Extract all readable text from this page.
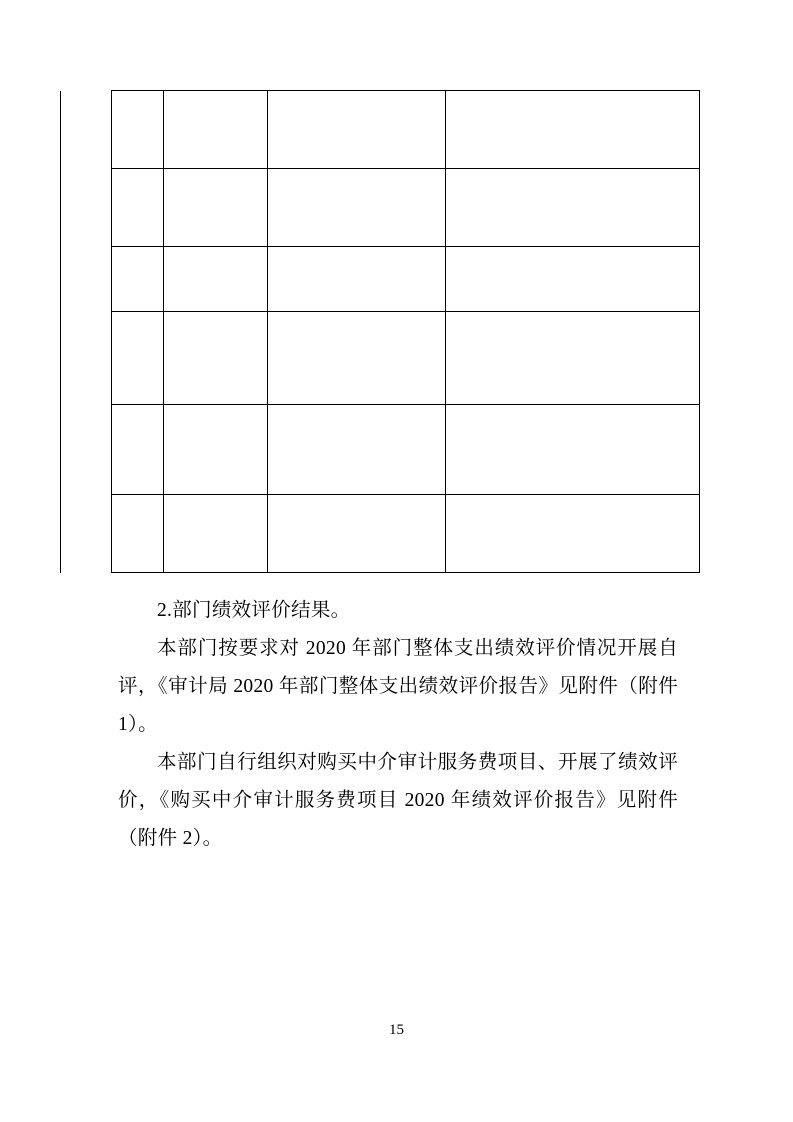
2.部门绩效评价结果。

本部门按要求对 2020 年部门整体支出绩效评价情况开展自评，《审计局 2020 年部门整体支出绩效评价报告》见附件（附件 1）。

本部门自行组织对购买中介审计服务费项目、开展了绩效评价，《购买中介审计服务费项目 2020 年绩效评价报告》见附件（附件 2）。

15
